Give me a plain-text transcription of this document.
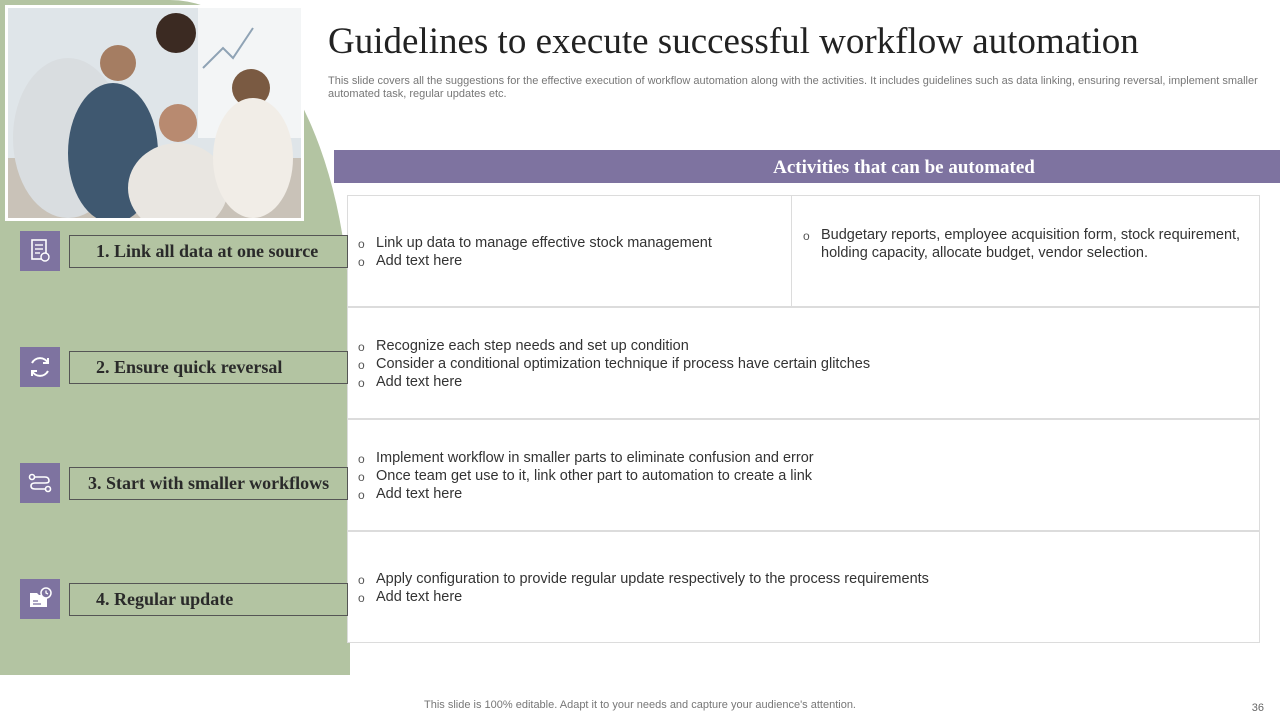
Guidelines to execute successful workflow automation
This slide covers all the suggestions for the effective execution of workflow automation along with the activities. It includes guidelines such as data linking, ensuring reversal, implement smaller automated task, regular updates etc.
Activities that can be automated
o Link up data to manage effective stock management
o Add text here
o Budgetary reports, employee acquisition form, stock requirement, holding capacity, allocate budget, vendor selection.
o Recognize each step needs and set up condition
o Consider a conditional optimization technique if process have certain glitches
o Add text here
o Implement workflow in smaller parts to eliminate confusion and error
o Once team get use to it, link other part to automation to create a link
o Add text here
o Apply configuration to provide regular update respectively to the process requirements
o Add text here
1. Link all data at one source
2. Ensure quick reversal
3. Start with smaller workflows
4. Regular update
This slide is 100% editable. Adapt it to your needs and capture your audience's attention.	36
